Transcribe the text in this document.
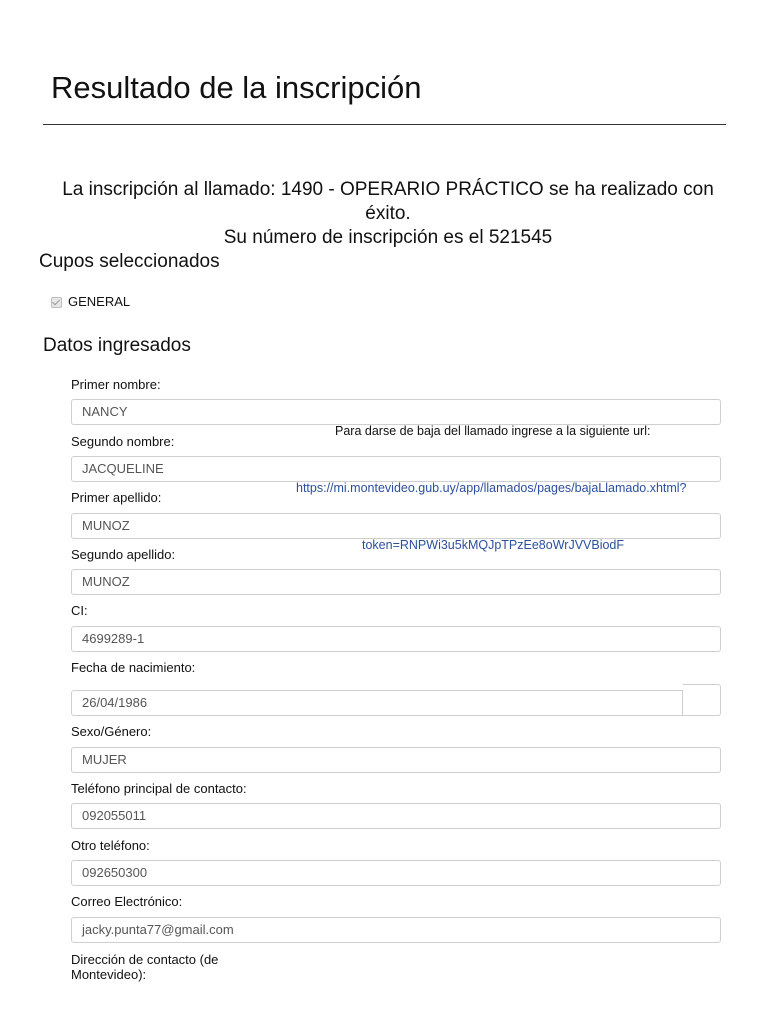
Resultado de la inscripción
La inscripción al llamado: 1490 - OPERARIO PRÁCTICO se ha realizado con éxito.
Su número de inscripción es el 521545
Cupos seleccionados
GENERAL
Datos ingresados
Primer nombre:
NANCY
Segundo nombre:
JACQUELINE
Primer apellido:
MUNOZ
Segundo apellido:
MUNOZ
CI:
4699289-1
Fecha de nacimiento:
26/04/1986
Sexo/Género:
MUJER
Teléfono principal de contacto:
092055011
Otro teléfono:
092650300
Correo Electrónico:
jacky.punta77@gmail.com
Dirección de contacto (de Montevideo):
Para darse de baja del llamado ingrese a la siguiente url:
https://mi.montevideo.gub.uy/app/llamados/pages/bajaLlamado.xhtml?
token=RNPWi3u5kMQJpTPzEe8oWrJVVBiodF
